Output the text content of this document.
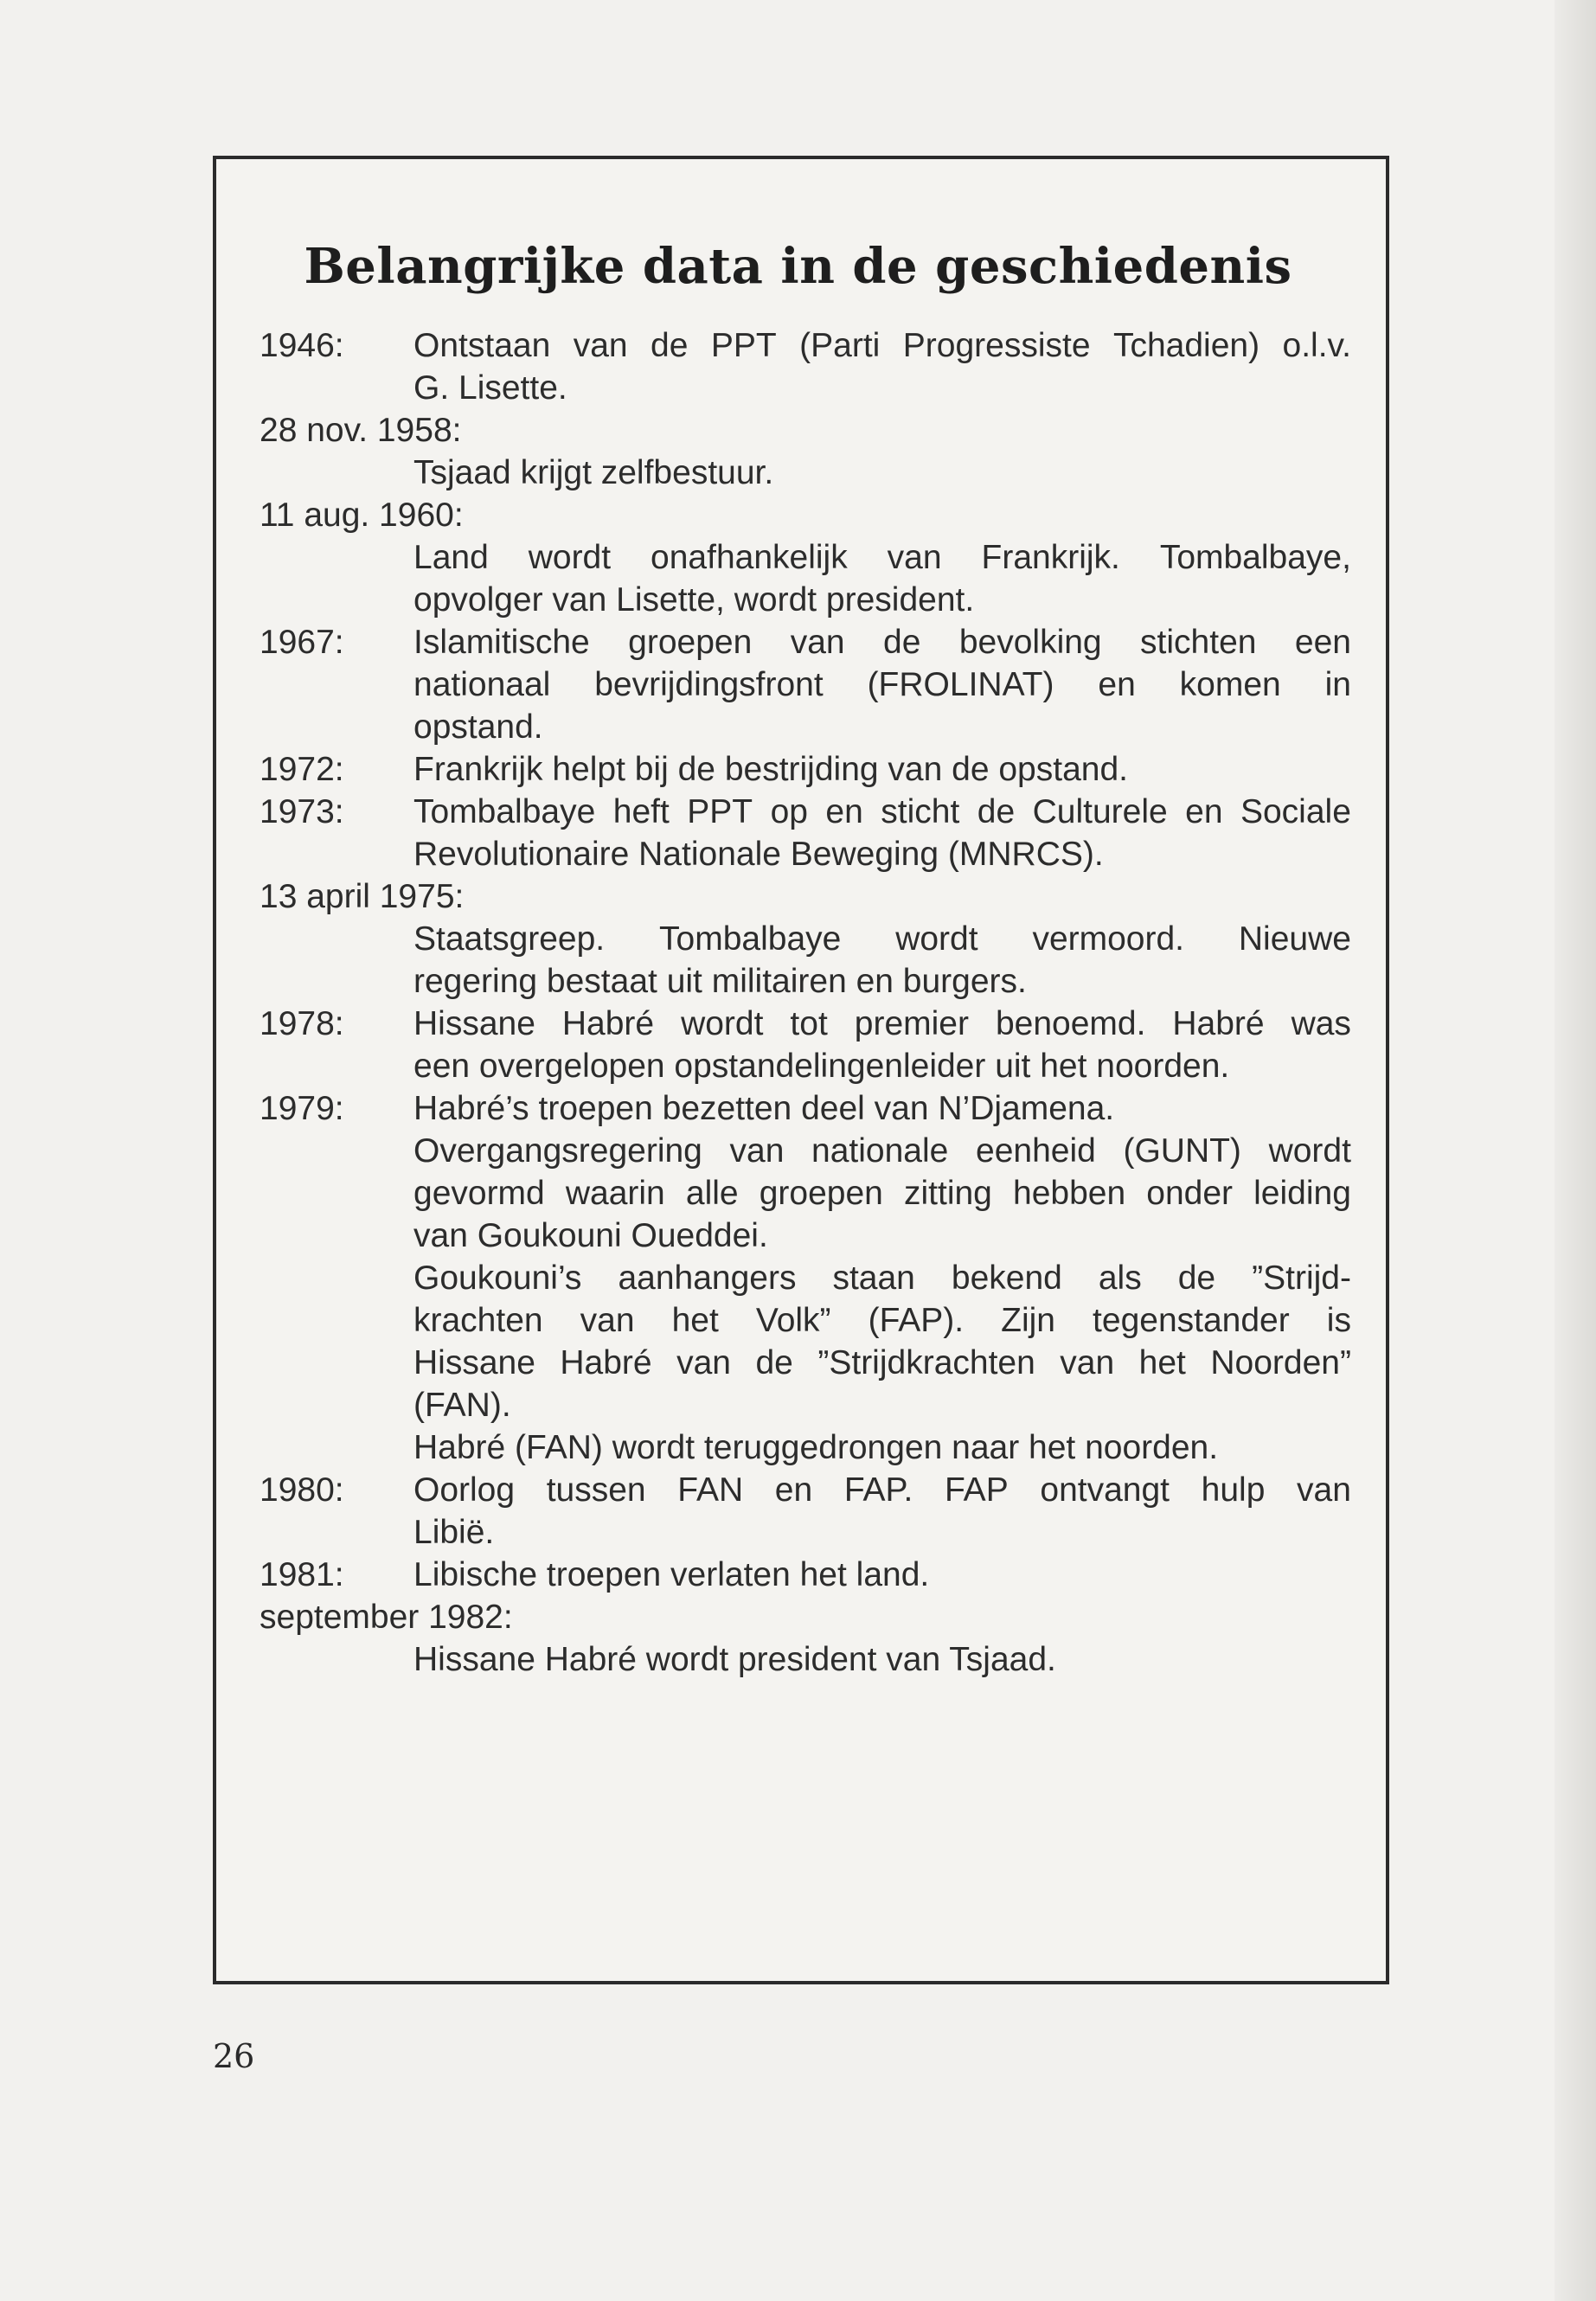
Belangrijke data in de geschiedenis
1946: Ontstaan van de PPT (Parti Progressiste Tchadien) o.l.v.
G. Lisette.
28 nov. 1958:
Tsjaad krijgt zelfbestuur.
11 aug. 1960:
Land wordt onafhankelijk van Frankrijk. Tombalbaye,
opvolger van Lisette, wordt president.
1967: Islamitische groepen van de bevolking stichten een
nationaal bevrijdingsfront (FROLINAT) en komen in
opstand.
1972: Frankrijk helpt bij de bestrijding van de opstand.
1973: Tombalbaye heft PPT op en sticht de Culturele en Sociale
Revolutionaire Nationale Beweging (MNRCS).
13 april 1975:
Staatsgreep. Tombalbaye wordt vermoord. Nieuwe
regering bestaat uit militairen en burgers.
1978: Hissane Habré wordt tot premier benoemd. Habré was
een overgelopen opstandelingenleider uit het noorden.
1979: Habré’s troepen bezetten deel van N’Djamena.
Overgangsregering van nationale eenheid (GUNT) wordt
gevormd waarin alle groepen zitting hebben onder leiding
van Goukouni Oueddei.
Goukouni’s aanhangers staan bekend als de ”Strijd-
krachten van het Volk” (FAP). Zijn tegenstander is
Hissane Habré van de ”Strijdkrachten van het Noorden”
(FAN).
Habré (FAN) wordt teruggedrongen naar het noorden.
1980: Oorlog tussen FAN en FAP. FAP ontvangt hulp van
Libië.
1981: Libische troepen verlaten het land.
september 1982:
Hissane Habré wordt president van Tsjaad.
26
